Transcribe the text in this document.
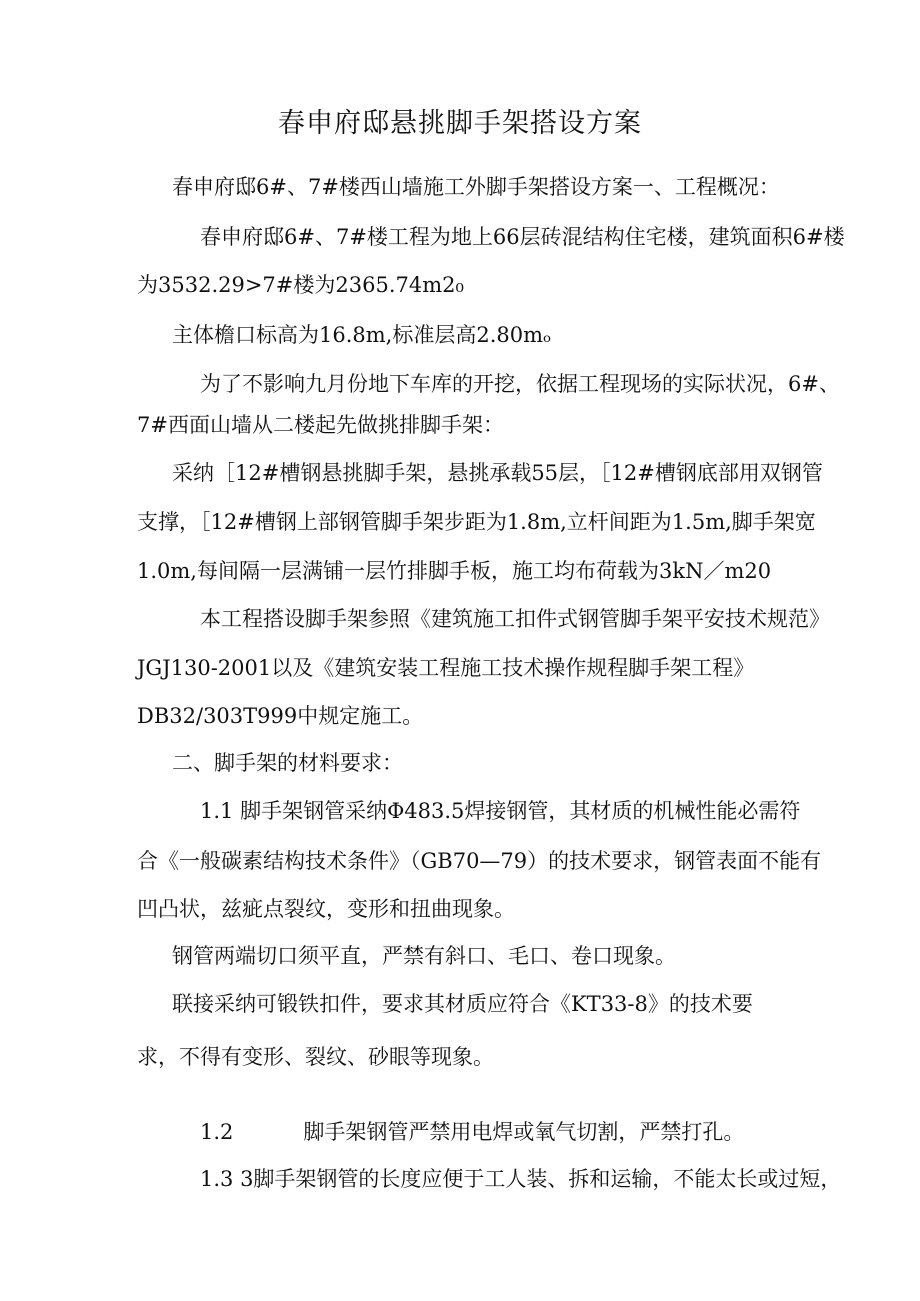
春申府邸悬挑脚手架搭设方案
春申府邸6#、7#楼西山墙施工外脚手架搭设方案一、工程概况：
春申府邸6#、7#楼工程为地上66层砖混结构住宅楼，建筑面积6#楼
为3532.29>7#楼为2365.74m2₀
主体檐口标高为16.8m,标准层高2.80mₒ
为了不影响九月份地下车库的开挖，依据工程现场的实际状况，6#、
7#西面山墙从二楼起先做挑排脚手架：
采纳［12#槽钢悬挑脚手架，悬挑承载55层，［12#槽钢底部用双钢管
支撑，［12#槽钢上部钢管脚手架步距为1.8m,立杆间距为1.5m,脚手架宽
1.0m,每间隔一层满铺一层竹排脚手板，施工均布荷载为3kN／m20
本工程搭设脚手架参照《建筑施工扣件式钢管脚手架平安技术规范》
JGJ130-2001以及《建筑安装工程施工技术操作规程脚手架工程》
DB32/303T999中规定施工。
二、脚手架的材料要求：
1.1 脚手架钢管采纳Φ483.5焊接钢管，其材质的机械性能必需符
合《一般碳素结构技术条件》（GB70—79）的技术要求，钢管表面不能有
凹凸状，兹疵点裂纹，变形和扭曲现象。
钢管两端切口须平直，严禁有斜口、毛口、卷口现象。
联接采纳可锻铁扣件，要求其材质应符合《KT33-8》的技术要
求，不得有变形、裂纹、砂眼等现象。
1.2	脚手架钢管严禁用电焊或氧气切割，严禁打孔。
1.3 3脚手架钢管的长度应便于工人装、拆和运输，不能太长或过短，
